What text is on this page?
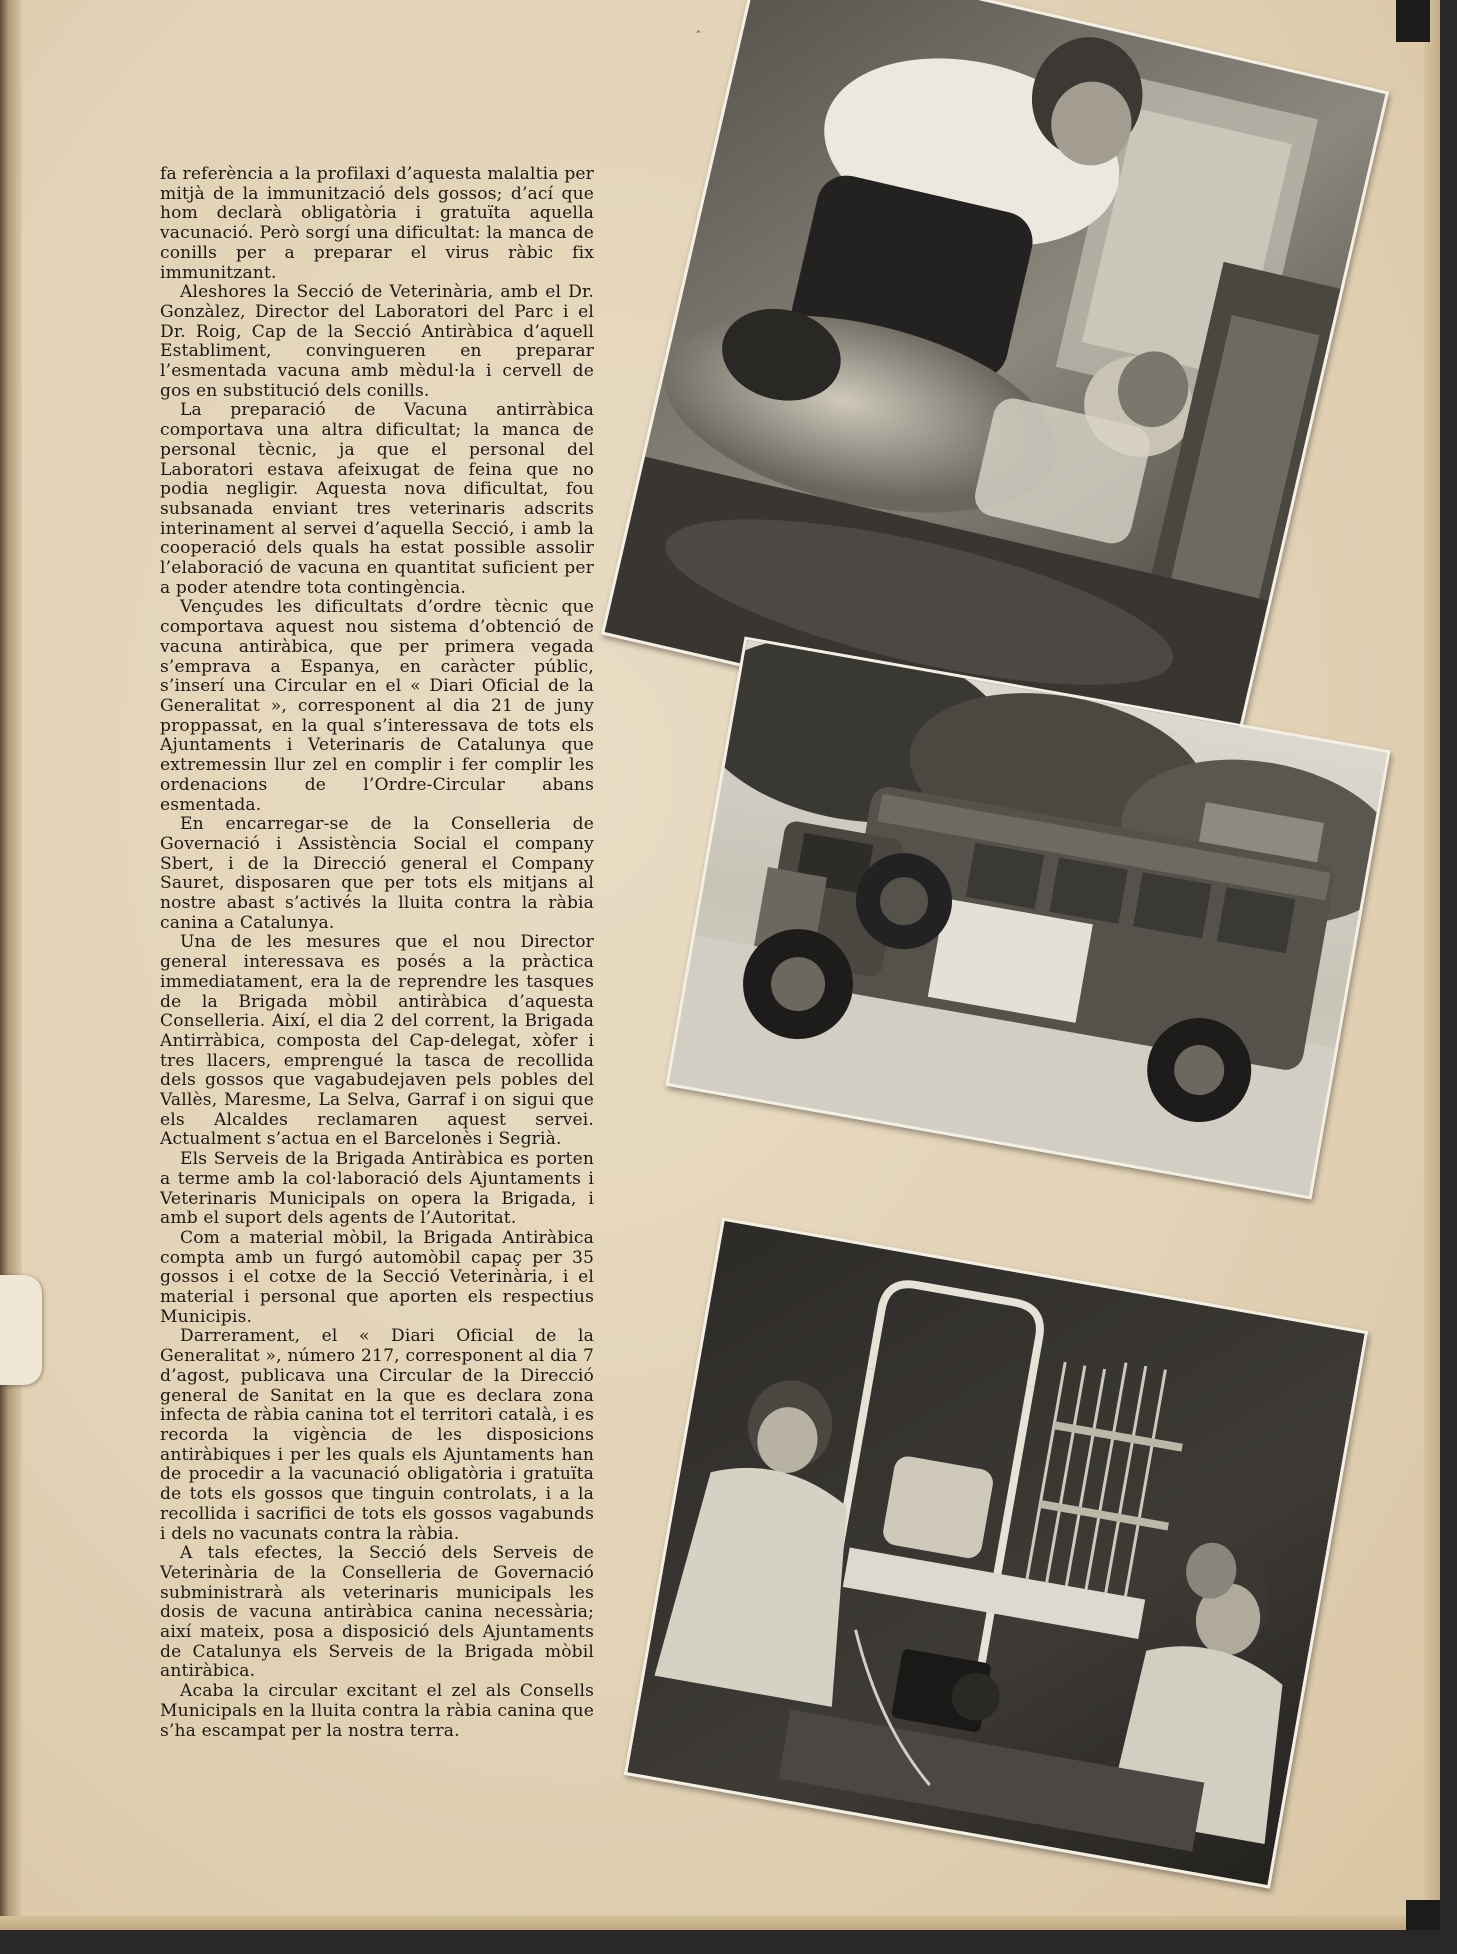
fa referència a la profilaxi d’aquesta malaltia per mitjà de la immunització dels gossos; d’ací que hom declarà obligatòria i gratuïta aquella vacunació. Però sorgí una dificultat: la manca de conills per a preparar el virus ràbic fix immunitzant.

Aleshores la Secció de Veterinària, amb el Dr. Gonzàlez, Director del Laboratori del Parc i el Dr. Roig, Cap de la Secció Antiràbica d’aquell Establiment, convingueren en preparar l’esmentada vacuna amb mèdul·la i cervell de gos en substitució dels conills.

La preparació de Vacuna antirràbica comportava una altra dificultat; la manca de personal tècnic, ja que el personal del Laboratori estava afeixugat de feina que no podia negligir. Aquesta nova dificultat, fou subsanada enviant tres veterinaris adscrits interinament al servei d’aquella Secció, i amb la cooperació dels quals ha estat possible assolir l’elaboració de vacuna en quantitat suficient per a poder atendre tota contingència.

Vençudes les dificultats d’ordre tècnic que comportava aquest nou sistema d’obtenció de vacuna antiràbica, que per primera vegada s’emprava a Espanya, en caràcter públic, s’inserí una Circular en el « Diari Oficial de la Generalitat », corresponent al dia 21 de juny proppassat, en la qual s’interessava de tots els Ajuntaments i Veterinaris de Catalunya que extremessin llur zel en complir i fer complir les ordenacions de l’Ordre-Circular abans esmentada.

En encarregar-se de la Conselleria de Governació i Assistència Social el company Sbert, i de la Direcció general el Company Sauret, disposaren que per tots els mitjans al nostre abast s’activés la lluita contra la ràbia canina a Catalunya.

Una de les mesures que el nou Director general interessava es posés a la pràctica immediatament, era la de reprendre les tasques de la Brigada mòbil antiràbica d’aquesta Conselleria. Així, el dia 2 del corrent, la Brigada Antirràbica, composta del Cap-delegat, xòfer i tres llacers, emprengué la tasca de recollida dels gossos que vagabudejaven pels pobles del Vallès, Maresme, La Selva, Garraf i on sigui que els Alcaldes reclamaren aquest servei. Actualment s’actua en el Barcelonès i Segrià.

Els Serveis de la Brigada Antiràbica es porten a terme amb la col·laboració dels Ajuntaments i Veterinaris Municipals on opera la Brigada, i amb el suport dels agents de l’Autoritat.

Com a material mòbil, la Brigada Antiràbica compta amb un furgó automòbil capaç per 35 gossos i el cotxe de la Secció Veterinària, i el material i personal que aporten els respectius Municipis.

Darrerament, el « Diari Oficial de la Generalitat », número 217, corresponent al dia 7 d’agost, publicava una Circular de la Direcció general de Sanitat en la que es declara zona infecta de ràbia canina tot el territori català, i es recorda la vigència de les disposicions antiràbiques i per les quals els Ajuntaments han de procedir a la vacunació obligatòria i gratuïta de tots els gossos que tinguin controlats, i a la recollida i sacrifici de tots els gossos vagabunds i dels no vacunats contra la ràbia.

A tals efectes, la Secció dels Serveis de Veterinària de la Conselleria de Governació subministrarà als veterinaris municipals les dosis de vacuna antiràbica canina necessària; així mateix, posa a disposició dels Ajuntaments de Catalunya els Serveis de la Brigada mòbil antiràbica.

Acaba la circular excitant el zel als Consells Municipals en la lluita contra la ràbia canina que s’ha escampat per la nostra terra.

ˆ
